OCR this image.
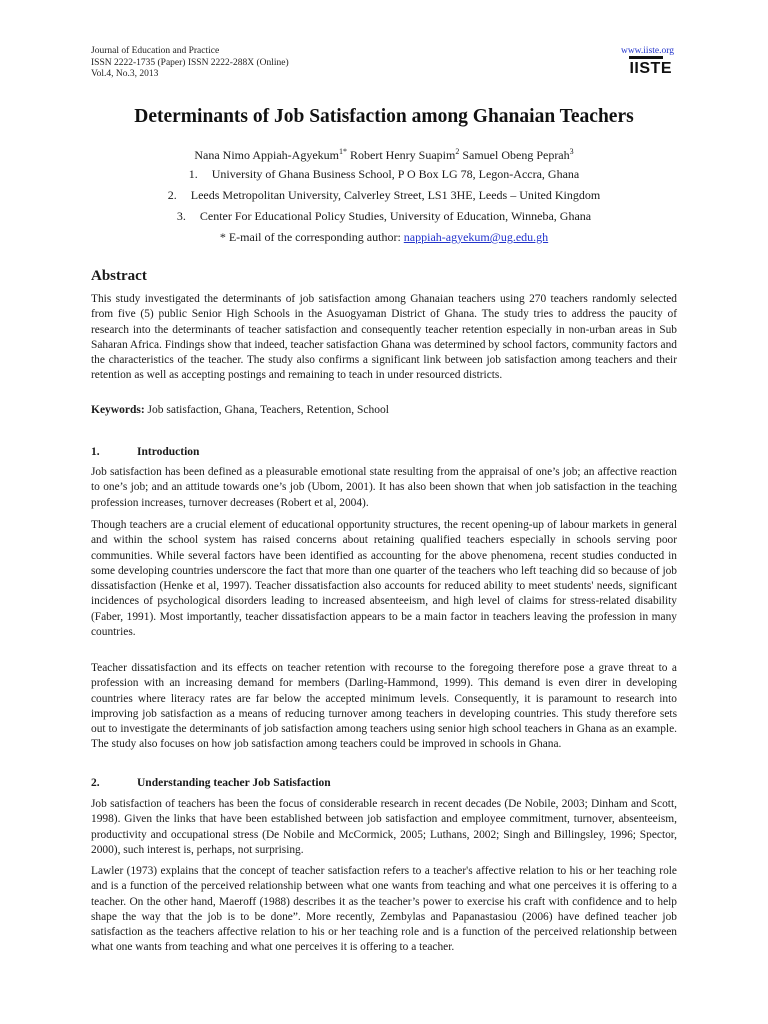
Journal of Education and Practice
ISSN 2222-1735 (Paper) ISSN 2222-288X (Online)
Vol.4, No.3, 2013
www.iiste.org
IISTE
Determinants of Job Satisfaction among Ghanaian Teachers
Nana Nimo Appiah-Agyekum$^{1*}$ Robert Henry Suapim$^2$ Samuel Obeng Peprah$^3$
1. University of Ghana Business School, P O Box LG 78, Legon-Accra, Ghana
2. Leeds Metropolitan University, Calverley Street, LS1 3HE, Leeds – United Kingdom
3. Center For Educational Policy Studies, University of Education, Winneba, Ghana
* E-mail of the corresponding author: nappiah-agyekum@ug.edu.gh
Abstract
This study investigated the determinants of job satisfaction among Ghanaian teachers using 270 teachers randomly selected from five (5) public Senior High Schools in the Asuogyaman District of Ghana. The study tries to address the paucity of research into the determinants of teacher satisfaction and consequently teacher retention especially in non-urban areas in Sub Saharan Africa. Findings show that indeed, teacher satisfaction Ghana was determined by school factors, community factors and the characteristics of the teacher. The study also confirms a significant link between job satisfaction among teachers and their retention as well as accepting postings and remaining to teach in under resourced districts.
Keywords: Job satisfaction, Ghana, Teachers, Retention, School
1.	Introduction
Job satisfaction has been defined as a pleasurable emotional state resulting from the appraisal of one’s job; an affective reaction to one’s job; and an attitude towards one’s job (Ubom, 2001). It has also been shown that when job satisfaction in the teaching profession increases, turnover decreases (Robert et al, 2004).
Though teachers are a crucial element of educational opportunity structures, the recent opening-up of labour markets in general and within the school system has raised concerns about retaining qualified teachers especially in schools serving poor communities. While several factors have been identified as accounting for the above phenomena, recent studies conducted in some developing countries underscore the fact that more than one quarter of the teachers who left teaching did so because of job dissatisfaction (Henke et al, 1997). Teacher dissatisfaction also accounts for reduced ability to meet students' needs, significant incidences of psychological disorders leading to increased absenteeism, and high level of claims for stress-related disability (Faber, 1991). Most importantly, teacher dissatisfaction appears to be a main factor in teachers leaving the profession in many countries.
Teacher dissatisfaction and its effects on teacher retention with recourse to the foregoing therefore pose a grave threat to a profession with an increasing demand for members (Darling-Hammond, 1999). This demand is even direr in developing countries where literacy rates are far below the accepted minimum levels. Consequently, it is paramount to research into improving job satisfaction as a means of reducing turnover among teachers in developing countries. This study therefore sets out to investigate the determinants of job satisfaction among teachers using senior high school teachers in Ghana as an example. The study also focuses on how job satisfaction among teachers could be improved in schools in Ghana.
2.	Understanding teacher Job Satisfaction
Job satisfaction of teachers has been the focus of considerable research in recent decades (De Nobile, 2003; Dinham and Scott, 1998). Given the links that have been established between job satisfaction and employee commitment, turnover, absenteeism, productivity and occupational stress (De Nobile and McCormick, 2005; Luthans, 2002; Singh and Billingsley, 1996; Spector, 2000), such interest is, perhaps, not surprising.
Lawler (1973) explains that the concept of teacher satisfaction refers to a teacher's affective relation to his or her teaching role and is a function of the perceived relationship between what one wants from teaching and what one perceives it is offering to a teacher. On the other hand, Maeroff (1988) describes it as the teacher’s power to exercise his craft with confidence and to help shape the way that the job is to be done”. More recently, Zembylas and Papanastasiou (2006) have defined teacher job satisfaction as the teachers affective relation to his or her teaching role and is a function of the perceived relationship between what one wants from teaching and what one perceives it is offering to a teacher.
